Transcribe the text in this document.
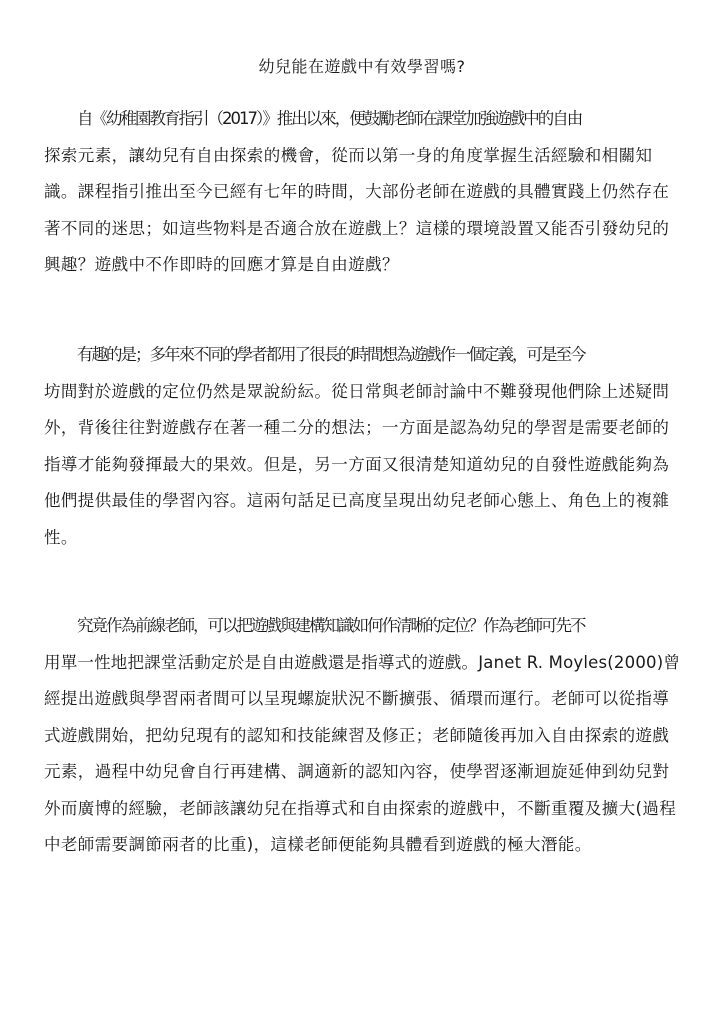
幼兒能在遊戲中有效學習嗎?

自《幼稚園教育指引（2017）》推出以來，便鼓勵老師在課堂加強遊戲中的自由
探索元素，讓幼兒有自由探索的機會，從而以第一身的角度掌握生活經驗和相關知
識。課程指引推出至今已經有七年的時間，大部份老師在遊戲的具體實踐上仍然存在
著不同的迷思；如這些物料是否適合放在遊戲上？這樣的環境設置又能否引發幼兒的
興趣？遊戲中不作即時的回應才算是自由遊戲？

有趣的是；多年來不同的學者都用了很長的時間想為遊戲作一個定義，可是至今
坊間對於遊戲的定位仍然是眾說紛紜。從日常與老師討論中不難發現他們除上述疑問
外，背後往往對遊戲存在著一種二分的想法；一方面是認為幼兒的學習是需要老師的
指導才能夠發揮最大的果效。但是，另一方面又很清楚知道幼兒的自發性遊戲能夠為
他們提供最佳的學習內容。這兩句話足已高度呈現出幼兒老師心態上、角色上的複雜
性。

究竟作為前線老師，可以把遊戲與建構知識如何作清晰的定位？作為老師可先不
用單一性地把課堂活動定於是自由遊戲還是指導式的遊戲。Janet R. Moyles(2000)曾
經提出遊戲與學習兩者間可以呈現螺旋狀況不斷擴張、循環而運行。老師可以從指導
式遊戲開始，把幼兒現有的認知和技能練習及修正；老師隨後再加入自由探索的遊戲
元素，過程中幼兒會自行再建構、調適新的認知內容，使學習逐漸迴旋延伸到幼兒對
外而廣博的經驗，老師該讓幼兒在指導式和自由探索的遊戲中，不斷重覆及擴大(過程
中老師需要調節兩者的比重)，這樣老師便能夠具體看到遊戲的極大潛能。
